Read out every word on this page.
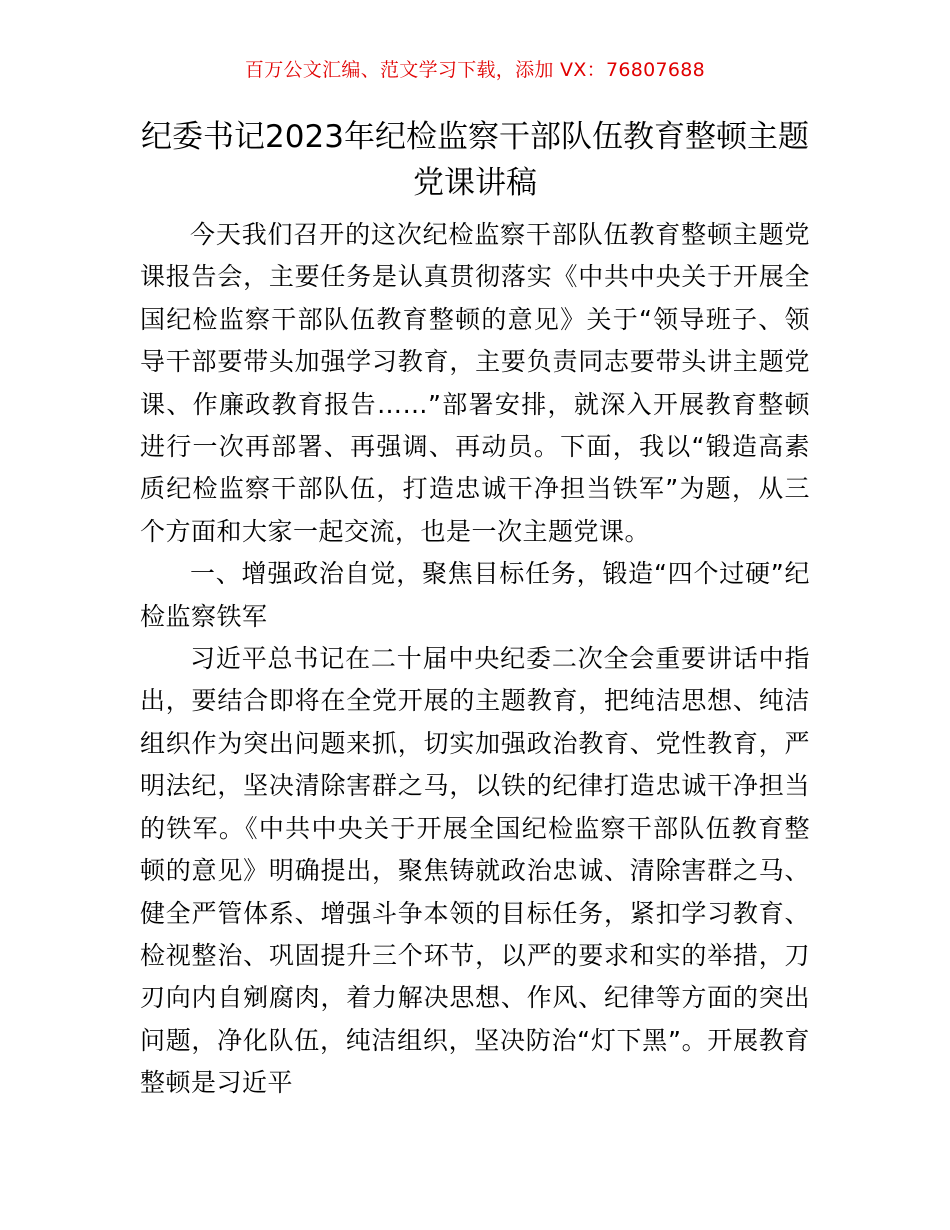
百万公文汇编、范文学习下载，添加 VX：76807688
纪委书记2023年纪检监察干部队伍教育整顿主题党课讲稿

今天我们召开的这次纪检监察干部队伍教育整顿主题党课报告会，主要任务是认真贯彻落实《中共中央关于开展全国纪检监察干部队伍教育整顿的意见》关于“领导班子、领导干部要带头加强学习教育，主要负责同志要带头讲主题党课、作廉政教育报告……”部署安排，就深入开展教育整顿进行一次再部署、再强调、再动员。下面，我以“锻造高素质纪检监察干部队伍，打造忠诚干净担当铁军”为题，从三个方面和大家一起交流，也是一次主题党课。

一、增强政治自觉，聚焦目标任务，锻造“四个过硬”纪检监察铁军

习近平总书记在二十届中央纪委二次全会重要讲话中指出，要结合即将在全党开展的主题教育，把纯洁思想、纯洁组织作为突出问题来抓，切实加强政治教育、党性教育，严明法纪，坚决清除害群之马，以铁的纪律打造忠诚干净担当的铁军。《中共中央关于开展全国纪检监察干部队伍教育整顿的意见》明确提出，聚焦铸就政治忠诚、清除害群之马、健全严管体系、增强斗争本领的目标任务，紧扣学习教育、检视整治、巩固提升三个环节，以严的要求和实的举措，刀刃向内自剜腐肉，着力解决思想、作风、纪律等方面的突出问题，净化队伍，纯洁组织，坚决防治“灯下黑”。开展教育整顿是习近平
